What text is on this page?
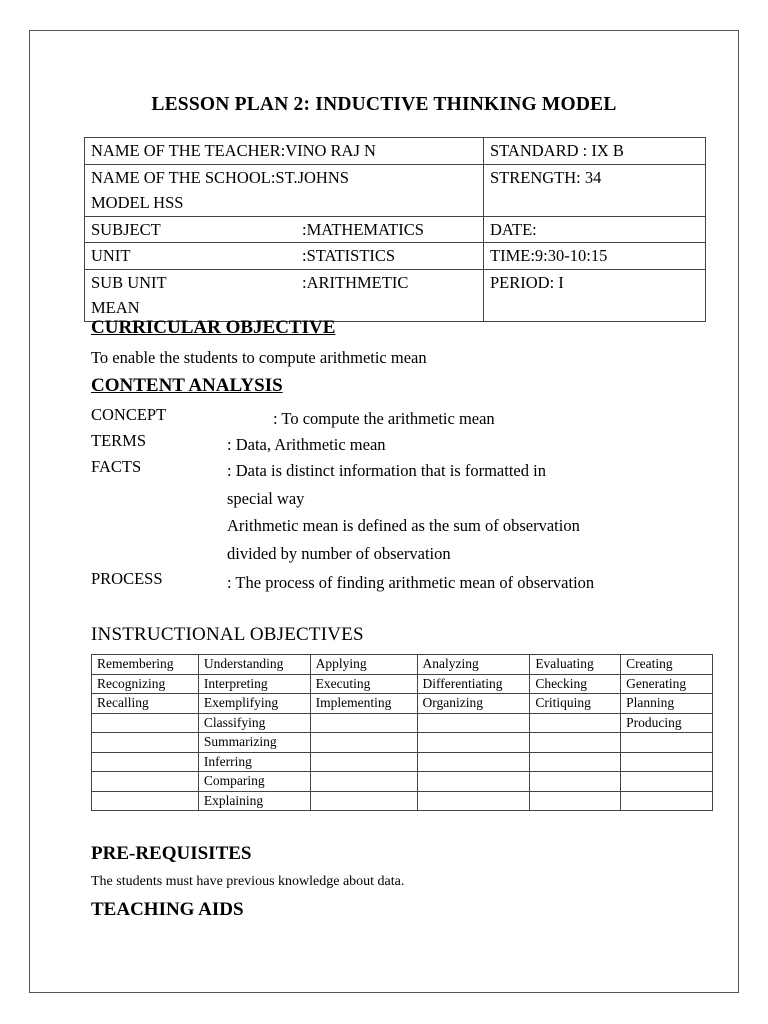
LESSON PLAN 2: INDUCTIVE THINKING MODEL
NAME OF THE TEACHER:VINO RAJ N	STANDARD : IX B

NAME OF THE SCHOOL:ST.JOHNS
MODEL HSS	STRENGTH: 34

SUBJECT :MATHEMATICS	DATE:

UNIT :STATISTICS	TIME:9:30-10:15

SUB UNIT :ARITHMETIC
MEAN	PERIOD: I
CURRICULAR OBJECTIVE
To enable the students to compute arithmetic mean
CONTENT ANALYSIS
CONCEPT	: To compute the arithmetic mean
TERMS	: Data, Arithmetic mean
FACTS	: Data is distinct information that is formatted in
special way
Arithmetic mean is defined as the sum of observation
divided by number of observation
PROCESS	: The process of finding arithmetic mean of observation
INSTRUCTIONAL OBJECTIVES
Remembering	Understanding	Applying	Analyzing	Evaluating	Creating
Recognizing	Interpreting	Executing	Differentiating	Checking	Generating
Recalling	Exemplifying	Implementing	Organizing	Critiquing	Planning
	Classifying				Producing
	Summarizing				
	Inferring				
	Comparing				
	Explaining				
PRE-REQUISITES
The students must have previous knowledge about data.
TEACHING AIDS
